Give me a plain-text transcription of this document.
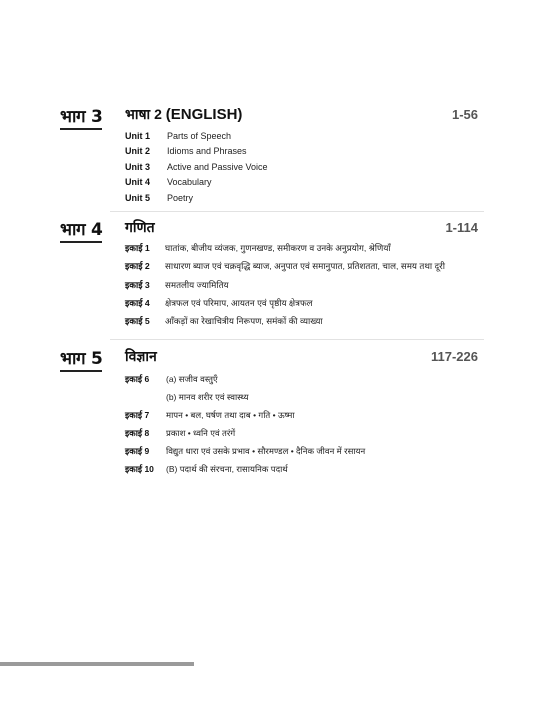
भाग 3 भाषा 2 (ENGLISH)	1-56
Unit 1	Parts of Speech
Unit 2	Idioms and Phrases
Unit 3	Active and Passive Voice
Unit 4	Vocabulary
Unit 5	Poetry
भाग 4 गणित	1-114
इकाई 1	घातांक, बीजीय व्यंजक, गुणनखण्ड, समीकरण व उनके अनुप्रयोग, श्रेणियाँ
इकाई 2	साधारण ब्याज एवं चक्रवृद्धि ब्याज, अनुपात एवं समानुपात, प्रतिशतता, चाल, समय तथा दूरी
इकाई 3	समतलीय ज्यामितिय
इकाई 4	क्षेत्रफल एवं परिमाप, आयतन एवं पृष्ठीय क्षेत्रफल
इकाई 5	आँकड़ों का रेखाचित्रीय निरूपण, समंकों की व्याख्या
भाग 5 विज्ञान	117-226
इकाई 6	(a) सजीव वस्तुएँ
(b) मानव शरीर एवं स्वास्थ्य
इकाई 7	मापन • बल, घर्षण तथा दाब • गति • ऊष्मा
इकाई 8	प्रकाश • ध्वनि एवं तरंगें
इकाई 9	विद्युत धारा एवं उसके प्रभाव • सौरमण्डल • दैनिक जीवन में रसायन
इकाई 10	(B) पदार्थ की संरचना, रासायनिक पदार्थ
